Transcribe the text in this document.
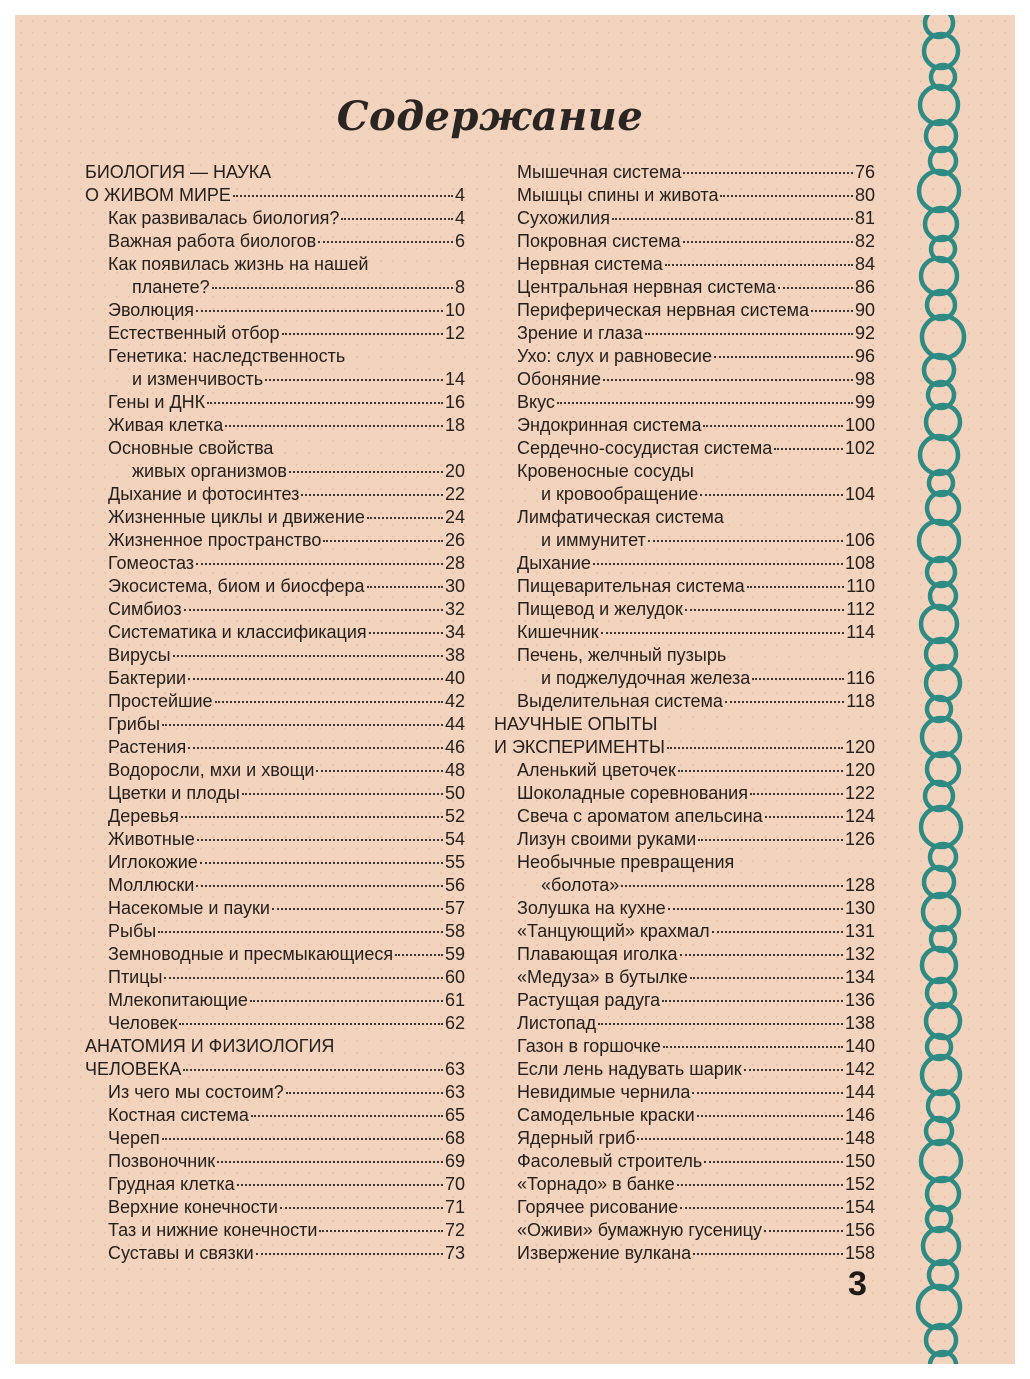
Содержание
БИОЛОГИЯ — НАУКА
О ЖИВОМ МИРЕ	4
Как развивалась биология?	4
Важная работа биологов	6
Как появилась жизнь на нашей
планете?	8
Эволюция	10
Естественный отбор	12
Генетика: наследственность
и изменчивость	14
Гены и ДНК	16
Живая клетка	18
Основные свойства
живых организмов	20
Дыхание и фотосинтез	22
Жизненные циклы и движение	24
Жизненное пространство	26
Гомеостаз	28
Экосистема, биом и биосфера	30
Симбиоз	32
Систематика и классификация	34
Вирусы	38
Бактерии	40
Простейшие	42
Грибы	44
Растения	46
Водоросли, мхи и хвощи	48
Цветки и плоды	50
Деревья	52
Животные	54
Иглокожие	55
Моллюски	56
Насекомые и пауки	57
Рыбы	58
Земноводные и пресмыкающиеся	59
Птицы	60
Млекопитающие	61
Человек	62
АНАТОМИЯ И ФИЗИОЛОГИЯ
ЧЕЛОВЕКА	63
Из чего мы состоим?	63
Костная система	65
Череп	68
Позвоночник	69
Грудная клетка	70
Верхние конечности	71
Таз и нижние конечности	72
Суставы и связки	73
Мышечная система	76
Мышцы спины и живота	80
Сухожилия	81
Покровная система	82
Нервная система	84
Центральная нервная система	86
Периферическая нервная система	90
Зрение и глаза	92
Ухо: слух и равновесие	96
Обоняние	98
Вкус	99
Эндокринная система	100
Сердечно-сосудистая система	102
Кровеносные сосуды
и кровообращение	104
Лимфатическая система
и иммунитет	106
Дыхание	108
Пищеварительная система	110
Пищевод и желудок	112
Кишечник	114
Печень, желчный пузырь
и поджелудочная железа	116
Выделительная система	118
НАУЧНЫЕ ОПЫТЫ
И ЭКСПЕРИМЕНТЫ	120
Аленький цветочек	120
Шоколадные соревнования	122
Свеча с ароматом апельсина	124
Лизун своими руками	126
Необычные превращения
«болота»	128
Золушка на кухне	130
«Танцующий» крахмал	131
Плавающая иголка	132
«Медуза» в бутылке	134
Растущая радуга	136
Листопад	138
Газон в горшочке	140
Если лень надувать шарик	142
Невидимые чернила	144
Самодельные краски	146
Ядерный гриб	148
Фасолевый строитель	150
«Торнадо» в банке	152
Горячее рисование	154
«Оживи» бумажную гусеницу	156
Извержение вулкана	158
3
